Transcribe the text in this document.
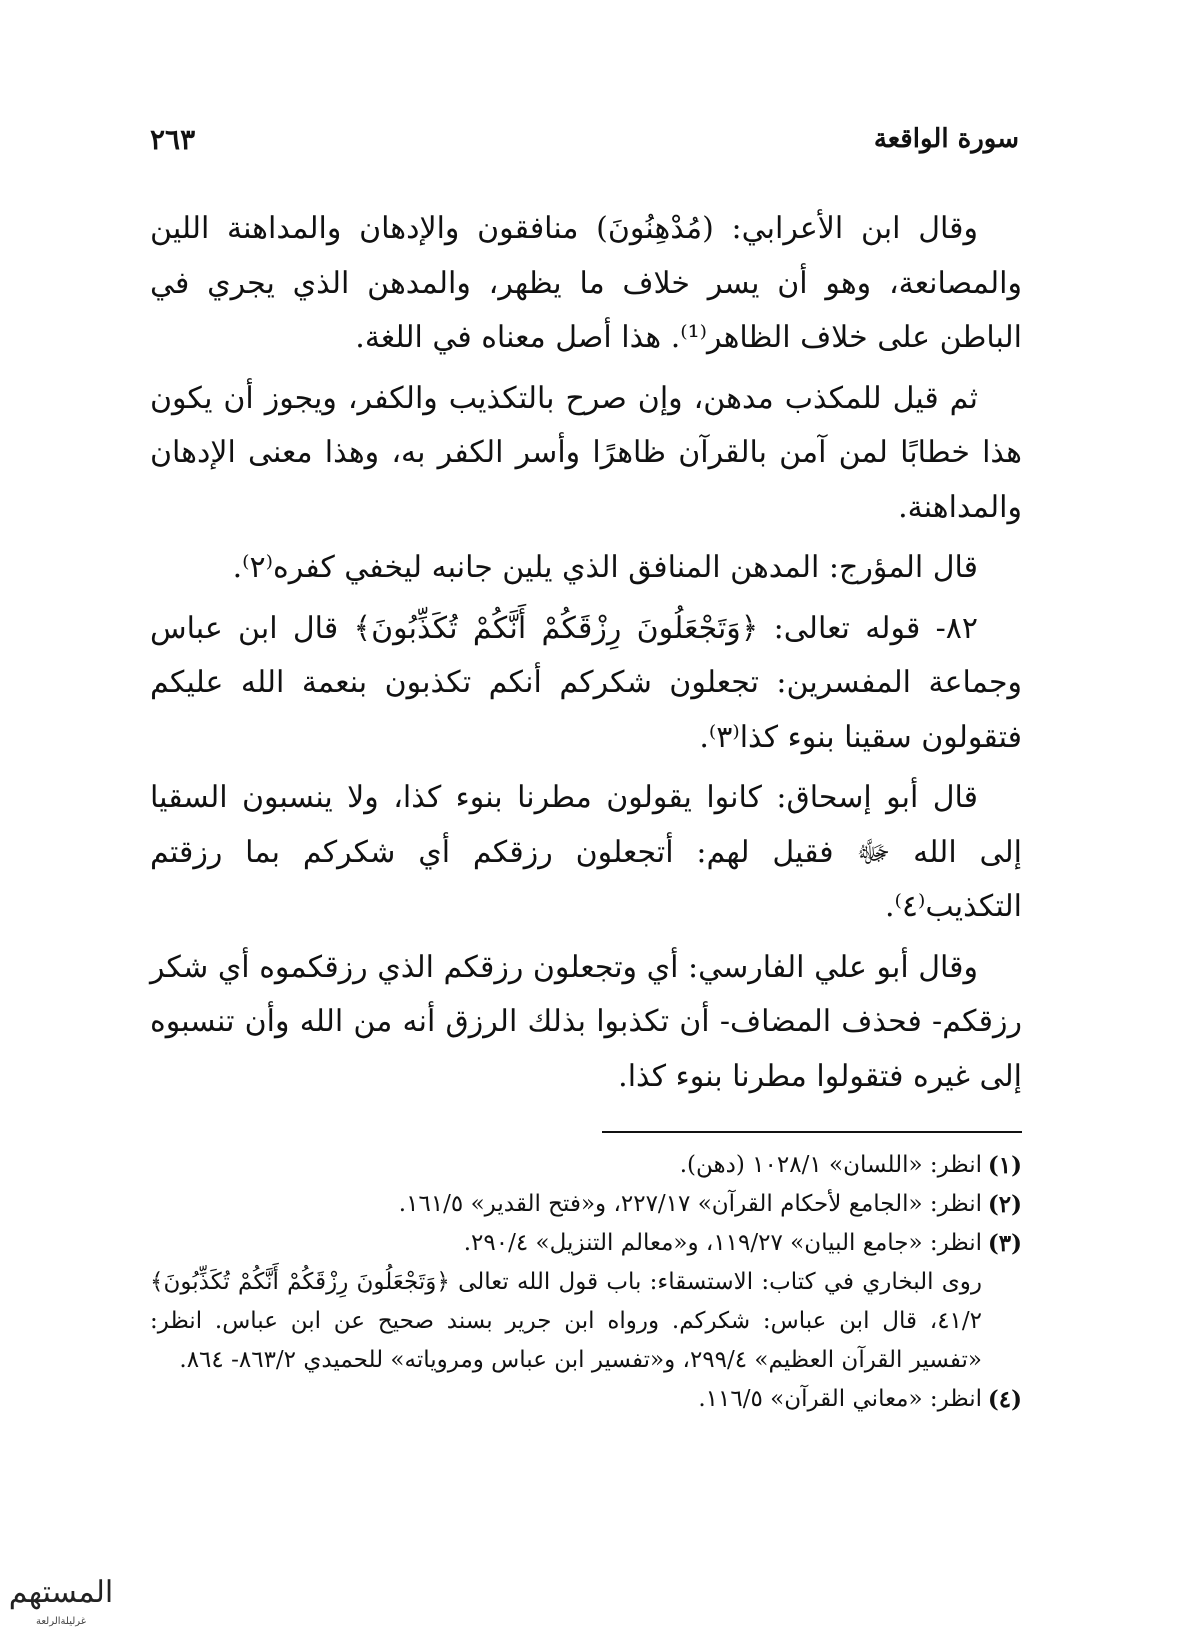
سورة الواقعة
٢٦٣

وقال ابن الأعرابي: (مُدْهِنُونَ) منافقون والإدهان والمداهنة اللين والمصانعة، وهو أن يسر خلاف ما يظهر، والمدهن الذي يجري في الباطن على خلاف الظاهر⁽¹⁾. هذا أصل معناه في اللغة.

ثم قيل للمكذب مدهن، وإن صرح بالتكذيب والكفر، ويجوز أن يكون هذا خطابًا لمن آمن بالقرآن ظاهرًا وأسر الكفر به، وهذا معنى الإدهان والمداهنة.

قال المؤرج: المدهن المنافق الذي يلين جانبه ليخفي كفره⁽٢⁾.

٨٢- قوله تعالى: ﴿وَتَجْعَلُونَ رِزْقَكُمْ أَنَّكُمْ تُكَذِّبُونَ﴾ قال ابن عباس وجماعة المفسرين: تجعلون شكركم أنكم تكذبون بنعمة الله عليكم فتقولون سقينا بنوء كذا⁽٣⁾.

قال أبو إسحاق: كانوا يقولون مطرنا بنوء كذا، ولا ينسبون السقيا إلى الله ﷻ فقيل لهم: أتجعلون رزقكم أي شكركم بما رزقتم التكذيب⁽٤⁾.

وقال أبو علي الفارسي: أي وتجعلون رزقكم الذي رزقكموه أي شكر رزقكم- فحذف المضاف- أن تكذبوا بذلك الرزق أنه من الله وأن تنسبوه إلى غيره فتقولوا مطرنا بنوء كذا.

(١)
انظر: «اللسان» ١٠٢٨/١ (دهن).
(٢)
انظر: «الجامع لأحكام القرآن» ٢٢٧/١٧، و«فتح القدير» ١٦١/٥.
(٣)
انظر: «جامع البيان» ١١٩/٢٧، و«معالم التنزيل» ٢٩٠/٤.
روى البخاري في كتاب: الاستسقاء: باب قول الله تعالى ﴿وَتَجْعَلُونَ رِزْقَكُمْ أَنَّكُمْ تُكَذِّبُونَ﴾ ٤١/٢، قال ابن عباس: شكركم. ورواه ابن جرير بسند صحيح عن ابن عباس. انظر: «تفسير القرآن العظيم» ٢٩٩/٤، و«تفسير ابن عباس ومروياته» للحميدي ٨٦٣/٢- ٨٦٤.
(٤)
انظر: «معاني القرآن» ١١٦/٥.
المستهم
غرليلةالرلعة
